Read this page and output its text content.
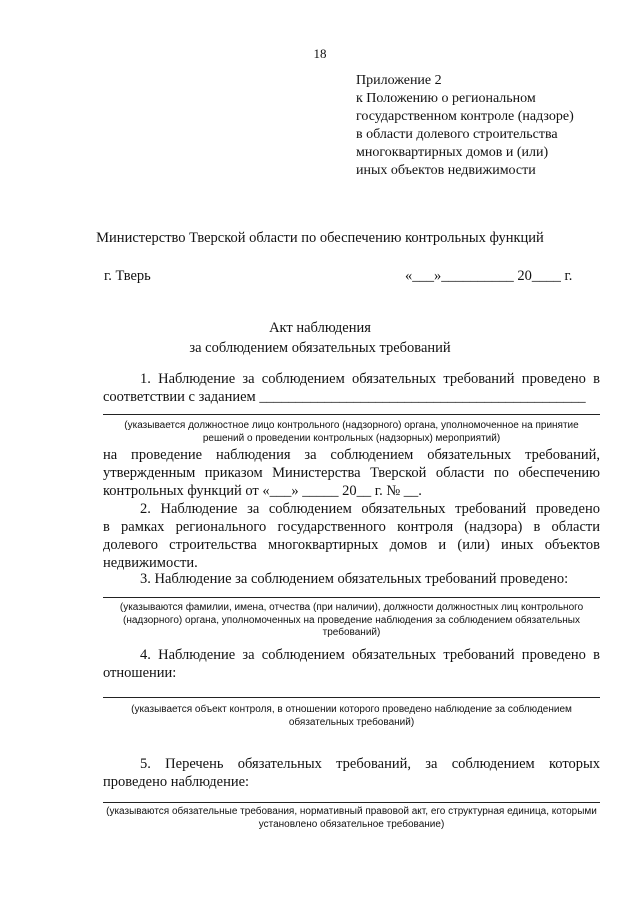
18
Приложение 2
к Положению о региональном
государственном контроле (надзоре)
в области долевого строительства
многоквартирных домов и (или)
иных объектов недвижимости
Министерство Тверской области по обеспечению контрольных функций
г. Тверь	«___»__________ 20____ г.
Акт наблюдения
за соблюдением обязательных требований
1. Наблюдение за соблюдением обязательных требований проведено в
соответствии с заданием _____________________________________________
(указывается должностное лицо контрольного (надзорного) органа, уполномоченное на принятие решений о проведении контрольных (надзорных) мероприятий)
на проведение наблюдения за соблюдением обязательных требований,
утвержденным приказом Министерства Тверской области по обеспечению
контрольных функций от «___» _____ 20__ г. № __.
2. Наблюдение за соблюдением обязательных требований проведено
в рамках регионального государственного контроля (надзора) в области
долевого строительства многоквартирных домов и (или) иных объектов
недвижимости.
3. Наблюдение за соблюдением обязательных требований проведено:
(указываются фамилии, имена, отчества (при наличии), должности должностных лиц контрольного (надзорного) органа, уполномоченных на проведение наблюдения за соблюдением обязательных требований)
4. Наблюдение за соблюдением обязательных требований проведено в
отношении:
(указывается объект контроля, в отношении которого проведено наблюдение за соблюдением обязательных требований)
5. Перечень обязательных требований, за соблюдением которых
проведено наблюдение:
(указываются обязательные требования, нормативный правовой акт, его структурная единица, которыми установлено обязательное требование)
